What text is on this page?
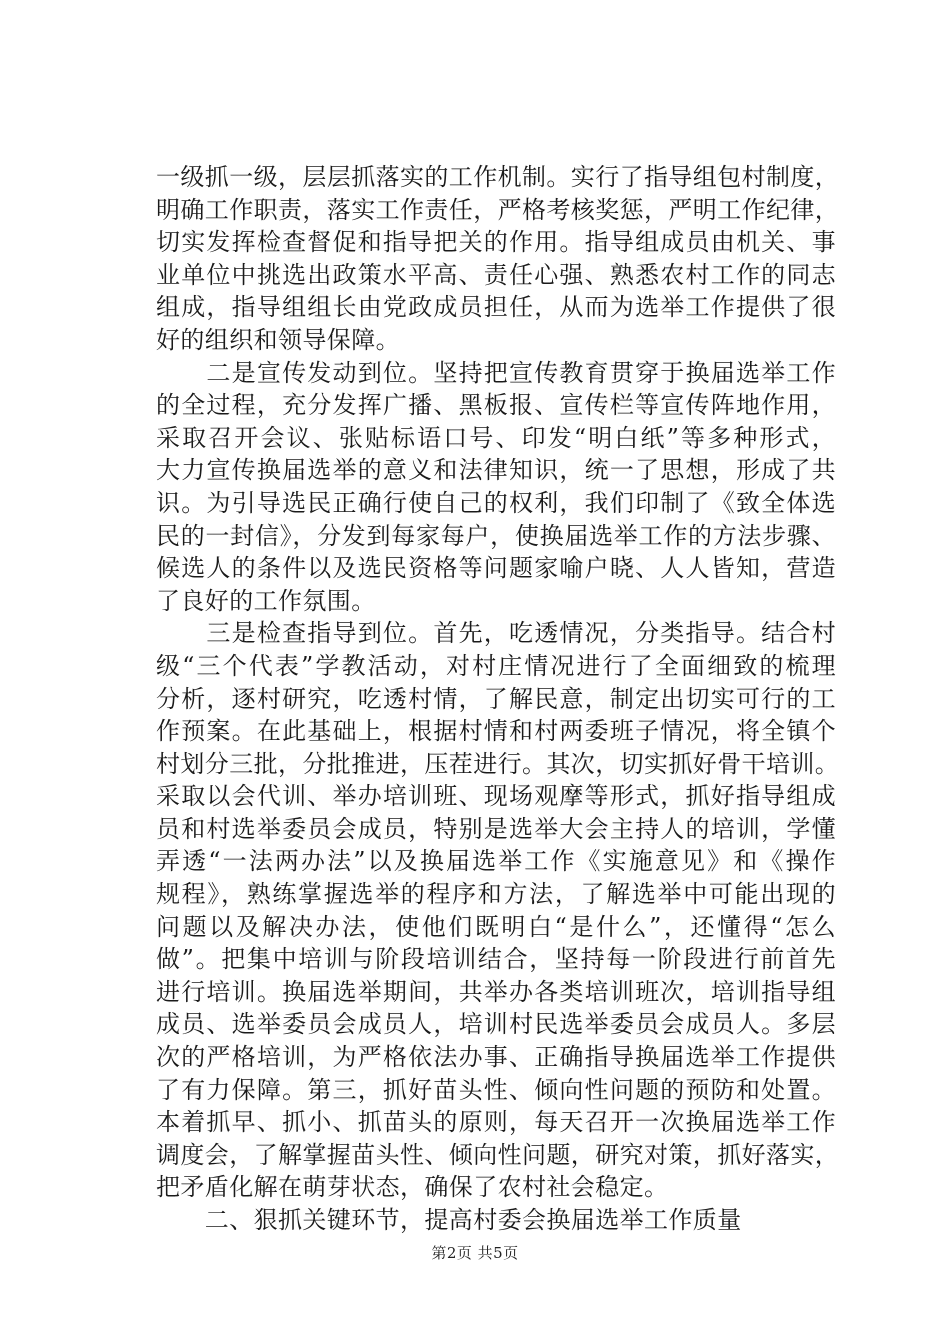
一级抓一级，层层抓落实的工作机制。实行了指导组包村制度，
明确工作职责，落实工作责任，严格考核奖惩，严明工作纪律，
切实发挥检查督促和指导把关的作用。指导组成员由机关、事
业单位中挑选出政策水平高、责任心强、熟悉农村工作的同志
组成，指导组组长由党政成员担任，从而为选举工作提供了很
好的组织和领导保障。
　　二是宣传发动到位。坚持把宣传教育贯穿于换届选举工作
的全过程，充分发挥广播、黑板报、宣传栏等宣传阵地作用，
采取召开会议、张贴标语口号、印发“明白纸”等多种形式，
大力宣传换届选举的意义和法律知识，统一了思想，形成了共
识。为引导选民正确行使自己的权利，我们印制了《致全体选
民的一封信》，分发到每家每户，使换届选举工作的方法步骤、
候选人的条件以及选民资格等问题家喻户晓、人人皆知，营造
了良好的工作氛围。
　　三是检查指导到位。首先，吃透情况，分类指导。结合村
级“三个代表”学教活动，对村庄情况进行了全面细致的梳理
分析，逐村研究，吃透村情，了解民意，制定出切实可行的工
作预案。在此基础上，根据村情和村两委班子情况，将全镇个
村划分三批，分批推进，压茬进行。其次，切实抓好骨干培训。
采取以会代训、举办培训班、现场观摩等形式，抓好指导组成
员和村选举委员会成员，特别是选举大会主持人的培训，学懂
弄透“一法两办法”以及换届选举工作《实施意见》和《操作
规程》，熟练掌握选举的程序和方法，了解选举中可能出现的
问题以及解决办法，使他们既明白“是什么”，还懂得“怎么
做”。把集中培训与阶段培训结合，坚持每一阶段进行前首先
进行培训。换届选举期间，共举办各类培训班次，培训指导组
成员、选举委员会成员人，培训村民选举委员会成员人。多层
次的严格培训，为严格依法办事、正确指导换届选举工作提供
了有力保障。第三，抓好苗头性、倾向性问题的预防和处置。
本着抓早、抓小、抓苗头的原则，每天召开一次换届选举工作
调度会，了解掌握苗头性、倾向性问题，研究对策，抓好落实，
把矛盾化解在萌芽状态，确保了农村社会稳定。
　　二、狠抓关键环节，提高村委会换届选举工作质量
第2页 共5页
